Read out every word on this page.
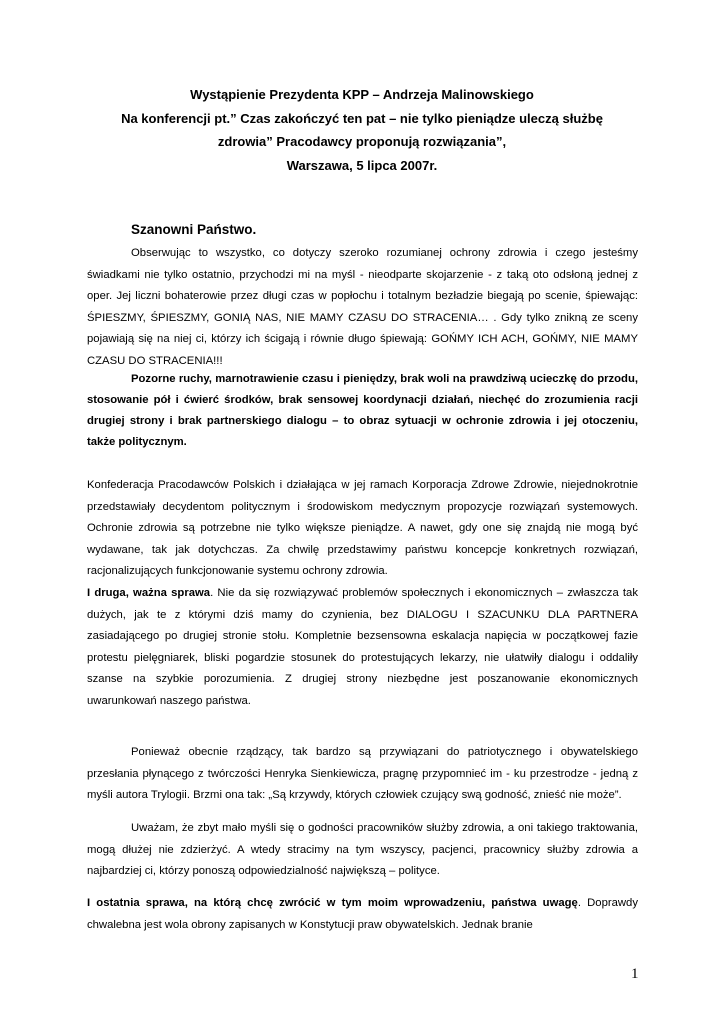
Wystąpienie Prezydenta KPP – Andrzeja Malinowskiego
Na konferencji pt.” Czas zakończyć ten pat – nie tylko pieniądze uleczą służbę
zdrowia” Pracodawcy proponują rozwiązania”,
Warszawa, 5 lipca 2007r.
Szanowni Państwo.

Obserwując to wszystko, co dotyczy szeroko rozumianej ochrony zdrowia i czego jesteśmy świadkami nie tylko ostatnio, przychodzi mi na myśl - nieodparte skojarzenie - z taką oto odsłoną jednej z oper. Jej liczni bohaterowie przez długi czas w popłochu i totalnym bezładzie biegają po scenie, śpiewając: ŚPIESZMY, ŚPIESZMY, GONIĄ NAS, NIE MAMY CZASU DO STRACENIA… . Gdy tylko znikną ze sceny pojawiają się na niej ci, którzy ich ścigają i równie długo śpiewają: GOŃMY ICH ACH, GOŃMY, NIE MAMY CZASU DO STRACENIA!!!

Pozorne ruchy, marnotrawienie czasu i pieniędzy, brak woli na prawdziwą ucieczkę do przodu, stosowanie pół i ćwierć środków, brak sensowej koordynacji działań, niechęć do zrozumienia racji drugiej strony i brak partnerskiego dialogu – to obraz sytuacji w ochronie zdrowia i jej otoczeniu, także politycznym.

Konfederacja Pracodawców Polskich i działająca w jej ramach Korporacja Zdrowe Zdrowie, niejednokrotnie przedstawiały decydentom politycznym i środowiskom medycznym propozycje rozwiązań systemowych. Ochronie zdrowia są potrzebne nie tylko większe pieniądze. A nawet, gdy one się znajdą nie mogą być wydawane, tak jak dotychczas. Za chwilę przedstawimy państwu koncepcje konkretnych rozwiązań, racjonalizujących funkcjonowanie systemu ochrony zdrowia.

I druga, ważna sprawa. Nie da się rozwiązywać problemów społecznych i ekonomicznych – zwłaszcza tak dużych, jak te z którymi dziś mamy do czynienia, bez DIALOGU I SZACUNKU DLA PARTNERA zasiadającego po drugiej stronie stołu. Kompletnie bezsensowna eskalacja napięcia w początkowej fazie protestu pielęgniarek, bliski pogardzie stosunek do protestujących lekarzy, nie ułatwiły dialogu i oddaliły szanse na szybkie porozumienia. Z drugiej strony niezbędne jest poszanowanie ekonomicznych uwarunkowań naszego państwa.

Ponieważ obecnie rządzący, tak bardzo są przywiązani do patriotycznego i obywatelskiego przesłania płynącego z twórczości Henryka Sienkiewicza, pragnę przypomnieć im - ku przestrodze - jedną z myśli autora Trylogii. Brzmi ona tak: „Są krzywdy, których człowiek czujący swą godność, znieść nie może”.

Uważam, że zbyt mało myśli się o godności pracowników służby zdrowia, a oni takiego traktowania, mogą dłużej nie zdzierżyć. A wtedy stracimy na tym wszyscy, pacjenci, pracownicy służby zdrowia a najbardziej ci, którzy ponoszą odpowiedzialność największą – polityce.

I ostatnia sprawa, na którą chcę zwrócić w tym moim wprowadzeniu, państwa uwagę. Doprawdy chwalebna jest wola obrony zapisanych w Konstytucji praw obywatelskich. Jednak branie

1
